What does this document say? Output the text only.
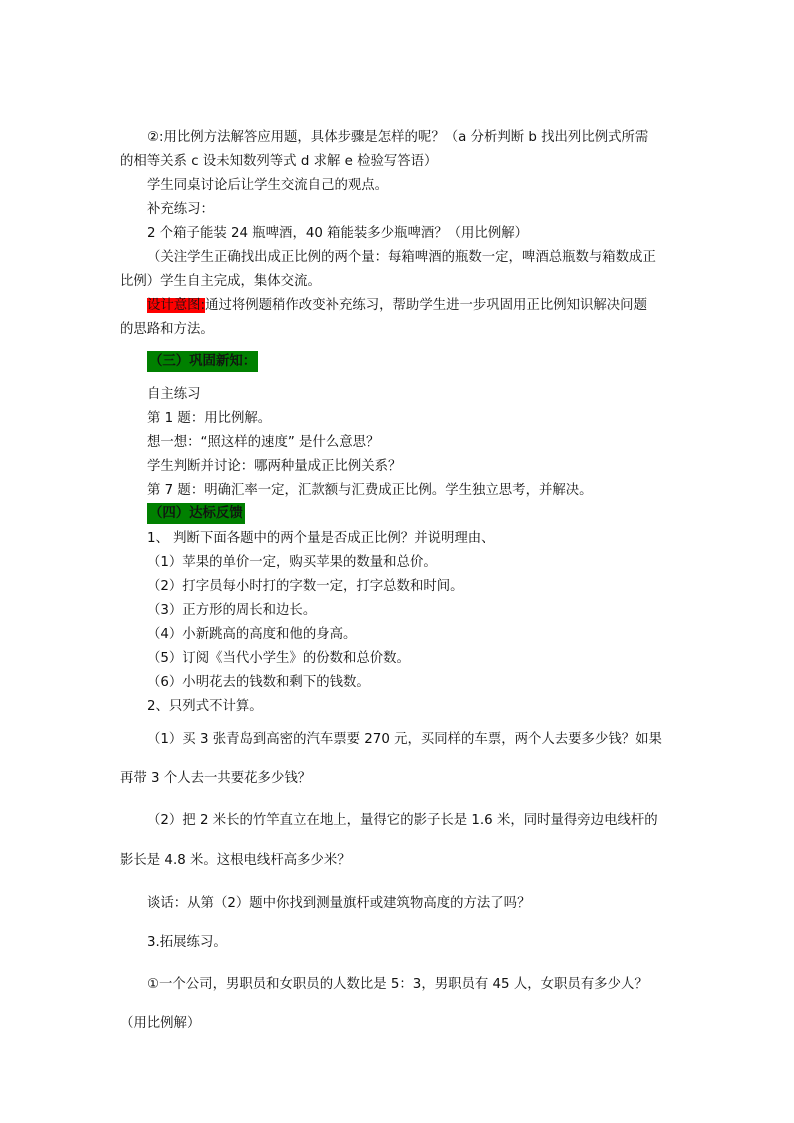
②:用比例方法解答应用题，具体步骤是怎样的呢？（a 分析判断 b 找出列比例式所需
的相等关系 c 设未知数列等式 d 求解 e 检验写答语）
学生同桌讨论后让学生交流自己的观点。
补充练习：
2 个箱子能装 24 瓶啤酒，40 箱能装多少瓶啤酒？（用比例解）
（关注学生正确找出成正比例的两个量：每箱啤酒的瓶数一定，啤酒总瓶数与箱数成正
比例）学生自主完成，集体交流。
设计意图:通过将例题稍作改变补充练习，帮助学生进一步巩固用正比例知识解决问题
的思路和方法。
（三）巩固新知：
自主练习
第 1 题：用比例解。
想一想：“照这样的速度” 是什么意思？
学生判断并讨论：哪两种量成正比例关系？
第 7 题：明确汇率一定，汇款额与汇费成正比例。学生独立思考，并解决。
（四）达标反馈
1、 判断下面各题中的两个量是否成正比例？并说明理由、
（1）苹果的单价一定，购买苹果的数量和总价。
（2）打字员每小时打的字数一定，打字总数和时间。
（3）正方形的周长和边长。
（4）小新跳高的高度和他的身高。
（5）订阅《当代小学生》的份数和总价数。
（6）小明花去的钱数和剩下的钱数。
2、只列式不计算。
（1）买 3 张青岛到高密的汽车票要 270 元，买同样的车票，两个人去要多少钱？如果
再带 3 个人去一共要花多少钱？
（2）把 2 米长的竹竿直立在地上，量得它的影子长是 1.6 米，同时量得旁边电线杆的
影长是 4.8 米。这根电线杆高多少米？
谈话：从第（2）题中你找到测量旗杆或建筑物高度的方法了吗？
3.拓展练习。
①一个公司，男职员和女职员的人数比是 5：3，男职员有 45 人，女职员有多少人？
（用比例解）
